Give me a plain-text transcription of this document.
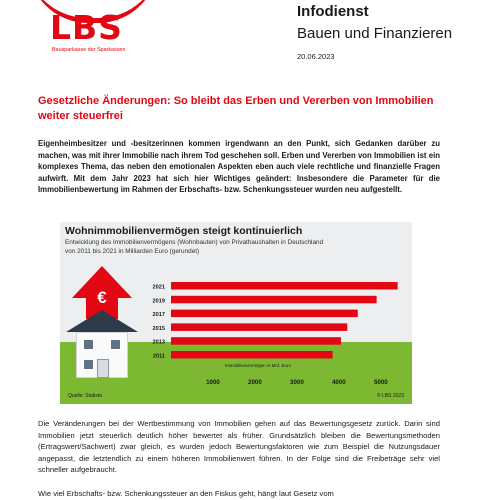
LBS
Bausparkasse der Sparkassen
Infodienst
Bauen und Finanzieren
20.06.2023
Gesetzliche Änderungen: So bleibt das Erben und Vererben von Immobilien weiter steuerfrei
Eigenheimbesitzer und -besitzerinnen kommen irgendwann an den Punkt, sich Gedanken darüber zu machen, was mit ihrer Immobilie nach ihrem Tod geschehen soll. Erben und Vererben von Immobilien ist ein komplexes Thema, das neben den emotionalen Aspekten eben auch viele rechtliche und finanzielle Fragen aufwirft. Mit dem Jahr 2023 hat sich hier Wichtiges geändert: Insbesondere die Parameter für die Immobilienbewertung im Rahmen der Erbschafts- bzw. Schenkungssteuer wurden neu aufgestellt.
Wohnimmobilienvermögen steigt kontinuierlich
Entwicklung des Immobilienvermögens (Wohnbauten) von Privathaushalten in Deutschland
von 2011 bis 2021 in Milliarden Euro (gerundet)
€
2021
2019
2017
2015
2013
2011
Immobilienvermögen in Mrd. Euro
1000	2000	3000	4000	5000
Quelle: Statista	© LBS 2023
Die Veränderungen bei der Wertbestimmung von Immobilien gehen auf das Bewertungsgesetz zurück. Darin sind Immobilien jetzt steuerlich deutlich höher bewertet als früher. Grundsätzlich bleiben die Bewertungsmethoden (Ertragswert/Sachwert) zwar gleich, es wurden jedoch Bewertungsfaktoren wie zum Beispiel die Nutzungsdauer angepasst, die letztendlich zu einem höheren Immobilienwert führen. In der Folge sind die Freibeträge sehr viel schneller aufgebraucht.
Wie viel Erbschafts- bzw. Schenkungssteuer an den Fiskus geht, hängt laut Gesetz vom
